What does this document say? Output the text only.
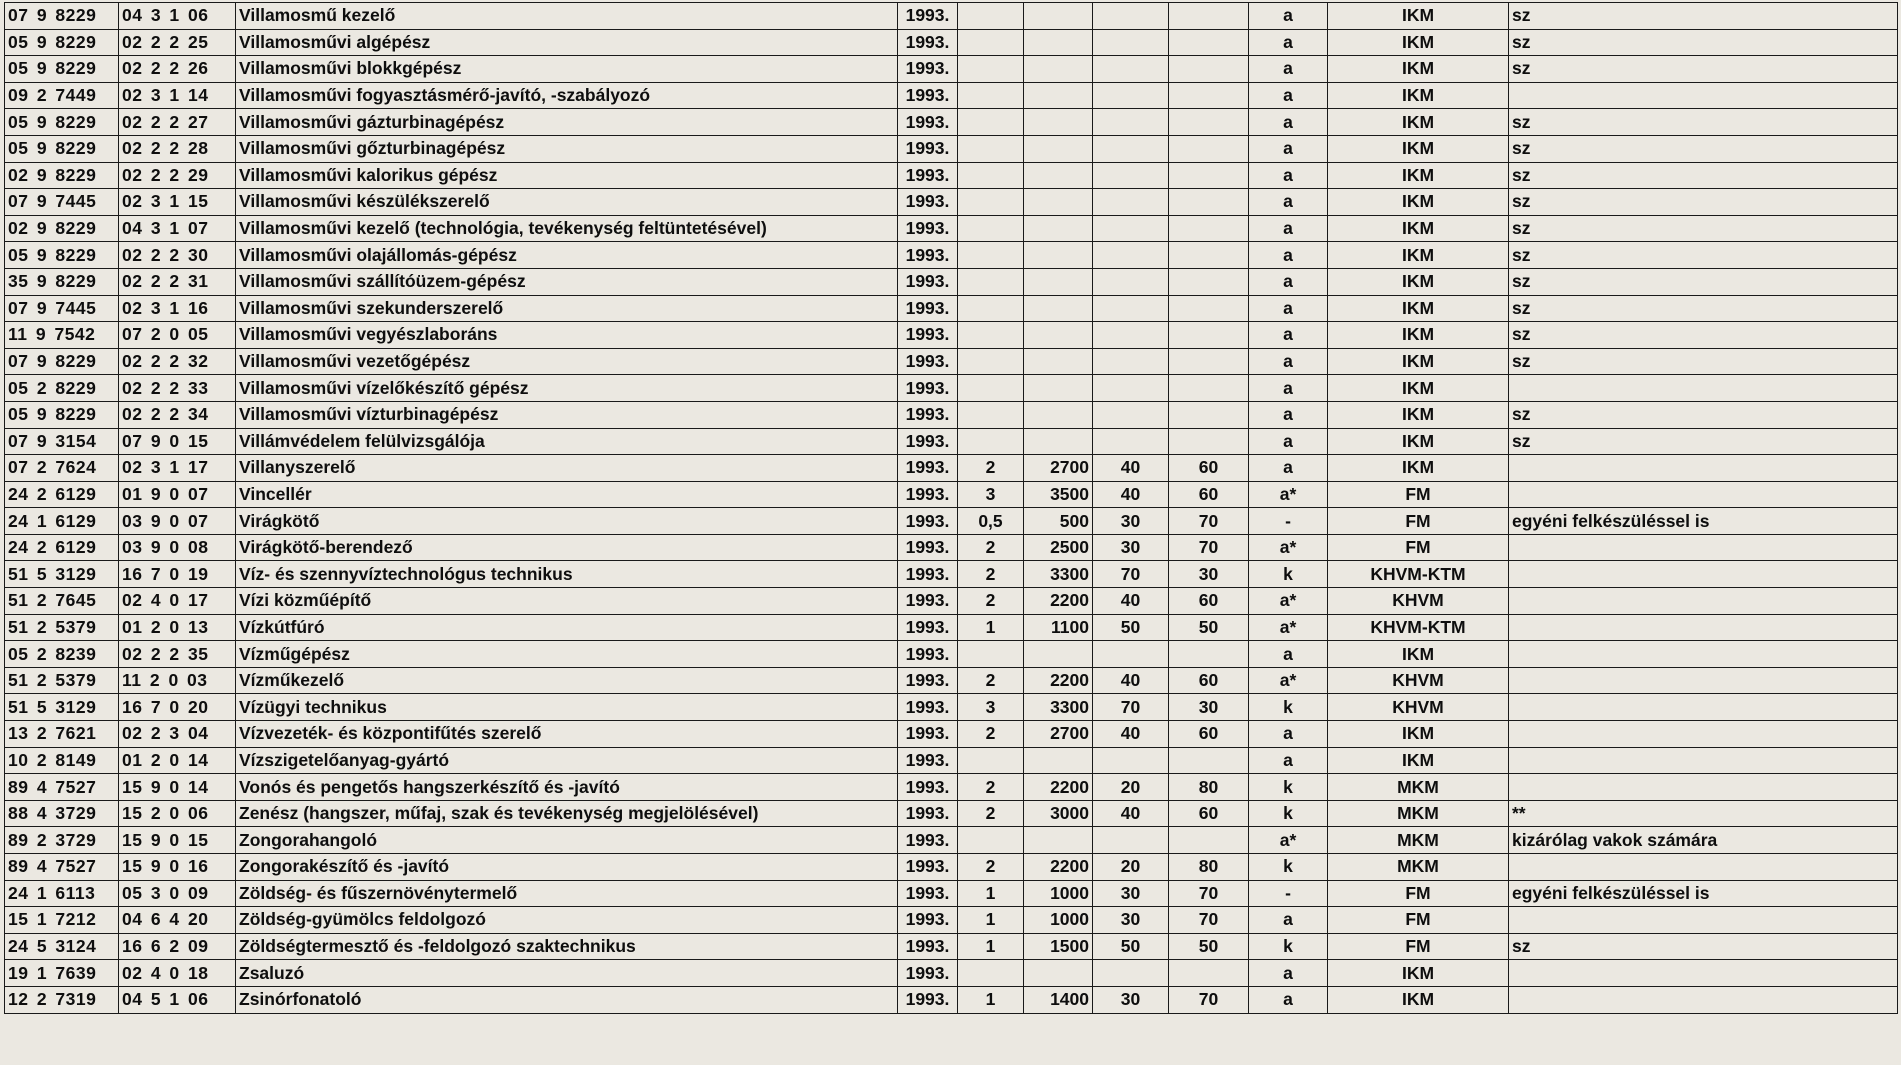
07 9 8229	04 3 1 06	Villamosmű kezelő	1993.					a	IKM	sz
05 9 8229	02 2 2 25	Villamosművi algépész	1993.					a	IKM	sz
05 9 8229	02 2 2 26	Villamosművi blokkgépész	1993.					a	IKM	sz
09 2 7449	02 3 1 14	Villamosművi fogyasztásmérő-javító, -szabályozó	1993.					a	IKM	
05 9 8229	02 2 2 27	Villamosművi gázturbinagépész	1993.					a	IKM	sz
05 9 8229	02 2 2 28	Villamosművi gőzturbinagépész	1993.					a	IKM	sz
02 9 8229	02 2 2 29	Villamosművi kalorikus gépész	1993.					a	IKM	sz
07 9 7445	02 3 1 15	Villamosművi készülékszerelő	1993.					a	IKM	sz
02 9 8229	04 3 1 07	Villamosművi kezelő (technológia, tevékenység feltüntetésével)	1993.					a	IKM	sz
05 9 8229	02 2 2 30	Villamosművi olajállomás-gépész	1993.					a	IKM	sz
35 9 8229	02 2 2 31	Villamosművi szállítóüzem-gépész	1993.					a	IKM	sz
07 9 7445	02 3 1 16	Villamosművi szekunderszerelő	1993.					a	IKM	sz
11 9 7542	07 2 0 05	Villamosművi vegyészlaboráns	1993.					a	IKM	sz
07 9 8229	02 2 2 32	Villamosművi vezetőgépész	1993.					a	IKM	sz
05 2 8229	02 2 2 33	Villamosművi vízelőkészítő gépész	1993.					a	IKM	
05 9 8229	02 2 2 34	Villamosművi vízturbinagépész	1993.					a	IKM	sz
07 9 3154	07 9 0 15	Villámvédelem felülvizsgálója	1993.					a	IKM	sz
07 2 7624	02 3 1 17	Villanyszerelő	1993.	2	2700	40	60	a	IKM	
24 2 6129	01 9 0 07	Vincellér	1993.	3	3500	40	60	a*	FM	
24 1 6129	03 9 0 07	Virágkötő	1993.	0,5	500	30	70	-	FM	egyéni felkészüléssel is
24 2 6129	03 9 0 08	Virágkötő-berendező	1993.	2	2500	30	70	a*	FM	
51 5 3129	16 7 0 19	Víz- és szennyvíztechnológus technikus	1993.	2	3300	70	30	k	KHVM-KTM	
51 2 7645	02 4 0 17	Vízi közműépítő	1993.	2	2200	40	60	a*	KHVM	
51 2 5379	01 2 0 13	Vízkútfúró	1993.	1	1100	50	50	a*	KHVM-KTM	
05 2 8239	02 2 2 35	Vízműgépész	1993.					a	IKM	
51 2 5379	11 2 0 03	Vízműkezelő	1993.	2	2200	40	60	a*	KHVM	
51 5 3129	16 7 0 20	Vízügyi technikus	1993.	3	3300	70	30	k	KHVM	
13 2 7621	02 2 3 04	Vízvezeték- és központifűtés szerelő	1993.	2	2700	40	60	a	IKM	
10 2 8149	01 2 0 14	Vízszigetelőanyag-gyártó	1993.					a	IKM	
89 4 7527	15 9 0 14	Vonós és pengetős hangszerkészítő és -javító	1993.	2	2200	20	80	k	MKM	
88 4 3729	15 2 0 06	Zenész (hangszer, műfaj, szak és tevékenység megjelölésével)	1993.	2	3000	40	60	k	MKM	**
89 2 3729	15 9 0 15	Zongorahangoló	1993.					a*	MKM	kizárólag vakok számára
89 4 7527	15 9 0 16	Zongorakészítő és -javító	1993.	2	2200	20	80	k	MKM	
24 1 6113	05 3 0 09	Zöldség- és fűszernövénytermelő	1993.	1	1000	30	70	-	FM	egyéni felkészüléssel is
15 1 7212	04 6 4 20	Zöldség-gyümölcs feldolgozó	1993.	1	1000	30	70	a	FM	
24 5 3124	16 6 2 09	Zöldségtermesztő és -feldolgozó szaktechnikus	1993.	1	1500	50	50	k	FM	sz
19 1 7639	02 4 0 18	Zsaluzó	1993.					a	IKM	
12 2 7319	04 5 1 06	Zsinórfonatoló	1993.	1	1400	30	70	a	IKM	
